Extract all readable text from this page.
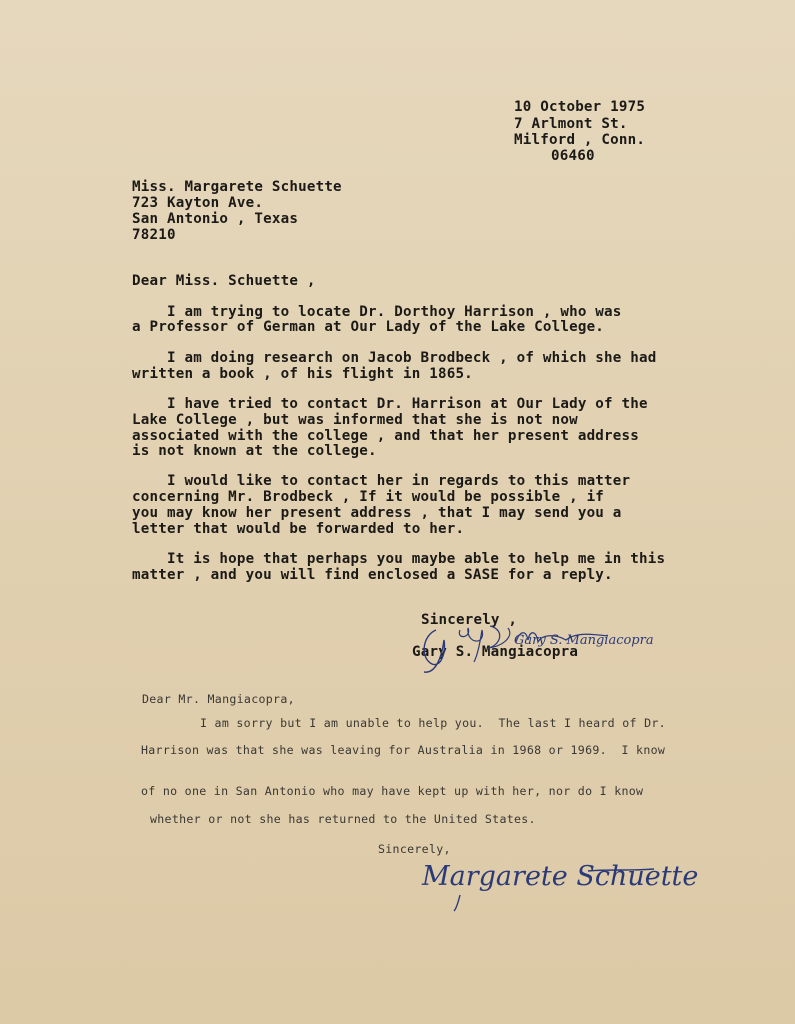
10 October 1975
7 Arlmont St.
Milford , Conn.
06460
Miss. Margarete Schuette
723 Kayton Ave.
San Antonio , Texas
78210
Dear Miss. Schuette ,
I am trying to locate Dr. Dorthoy Harrison , who was
a Professor of German at Our Lady of the Lake College.
I am doing research on Jacob Brodbeck , of which she had
written a book , of his flight in 1865.
I have tried to contact Dr. Harrison at Our Lady of the
Lake College , but was informed that she is not now
associated with the college , and that her present address
is not known at the college.
I would like to contact her in regards to this matter
concerning Mr. Brodbeck , If it would be possible , if
you may know her present address , that I may send you a
letter that would be forwarded to her.
It is hope that perhaps you maybe able to help me in this
matter , and you will find enclosed a SASE for a reply.
Sincerely ,
Gary S. Mangiacopra
Gary S. Mangiacopra
Dear Mr. Mangiacopra,
I am sorry but I am unable to help you.  The last I heard of Dr.
Harrison was that she was leaving for Australia in 1968 or 1969.  I know
of no one in San Antonio who may have kept up with her, nor do I know
whether or not she has returned to the United States.
Sincerely,
Margarete Schuette
